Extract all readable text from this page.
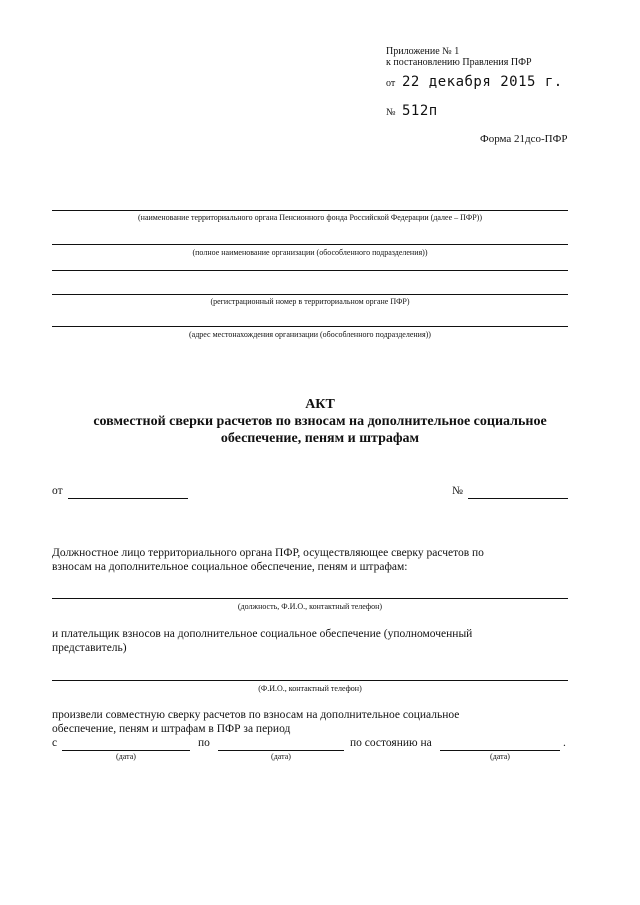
Приложение № 1
к постановлению Правления ПФР
от 22 декабря 2015 г.
№ 512п
Форма 21дсо-ПФР
(наименование территориального органа Пенсионного фонда Российской Федерации (далее – ПФР))
(полное наименование организации (обособленного подразделения))
(регистрационный номер в территориальном органе ПФР)
(адрес местонахождения организации (обособленного подразделения))
АКТ
совместной сверки расчетов по взносам на дополнительное социальное
обеспечение, пеням и штрафам
от	№
Должностное лицо территориального органа ПФР, осуществляющее сверку расчетов по
взносам на дополнительное социальное обеспечение, пеням и штрафам:
(должность, Ф.И.О., контактный телефон)
и плательщик взносов на дополнительное социальное обеспечение (уполномоченный
представитель)
(Ф.И.О., контактный телефон)
произвели совместную сверку расчетов по взносам на дополнительное социальное
обеспечение, пеням и штрафам в ПФР за период
с
(дата)
по
(дата)
по состоянию на
(дата)
.
